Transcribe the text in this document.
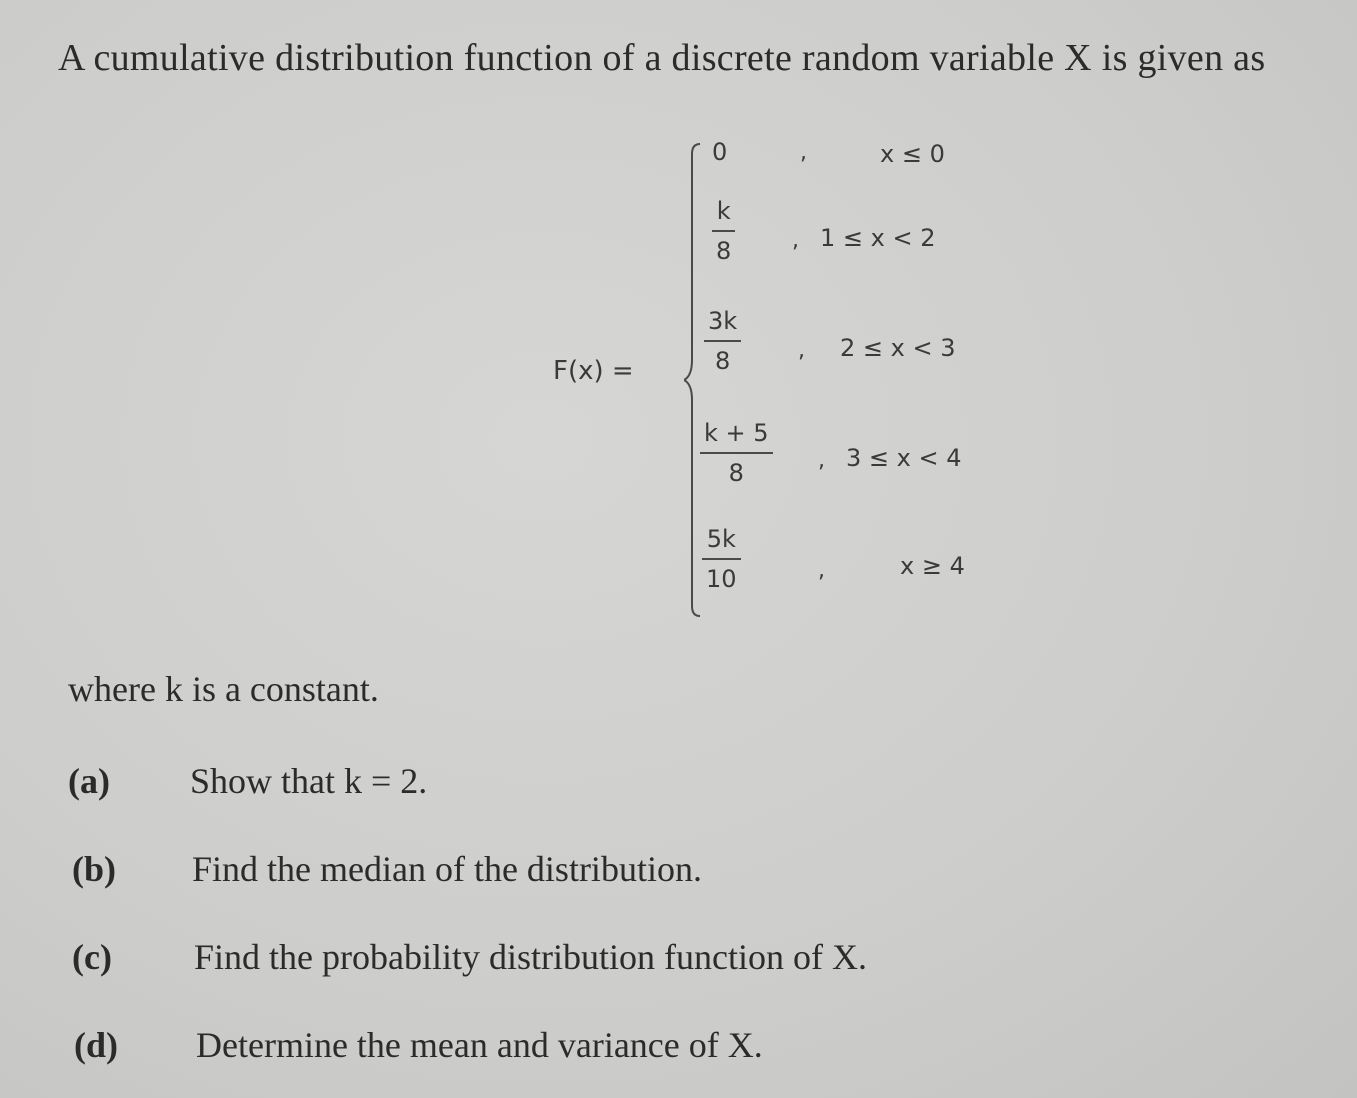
A cumulative distribution function of a discrete random variable X is given as
F(x) =
0	,	x ≤ 0
k
8	, 1 ≤ x < 2
3k
8	, 2 ≤ x < 3
k + 5
8	, 3 ≤ x < 4
5k
10	,	x ≥ 4
where k is a constant.
(a) Show that k = 2.
(b) Find the median of the distribution.
(c) Find the probability distribution function of X.
(d) Determine the mean and variance of X.
